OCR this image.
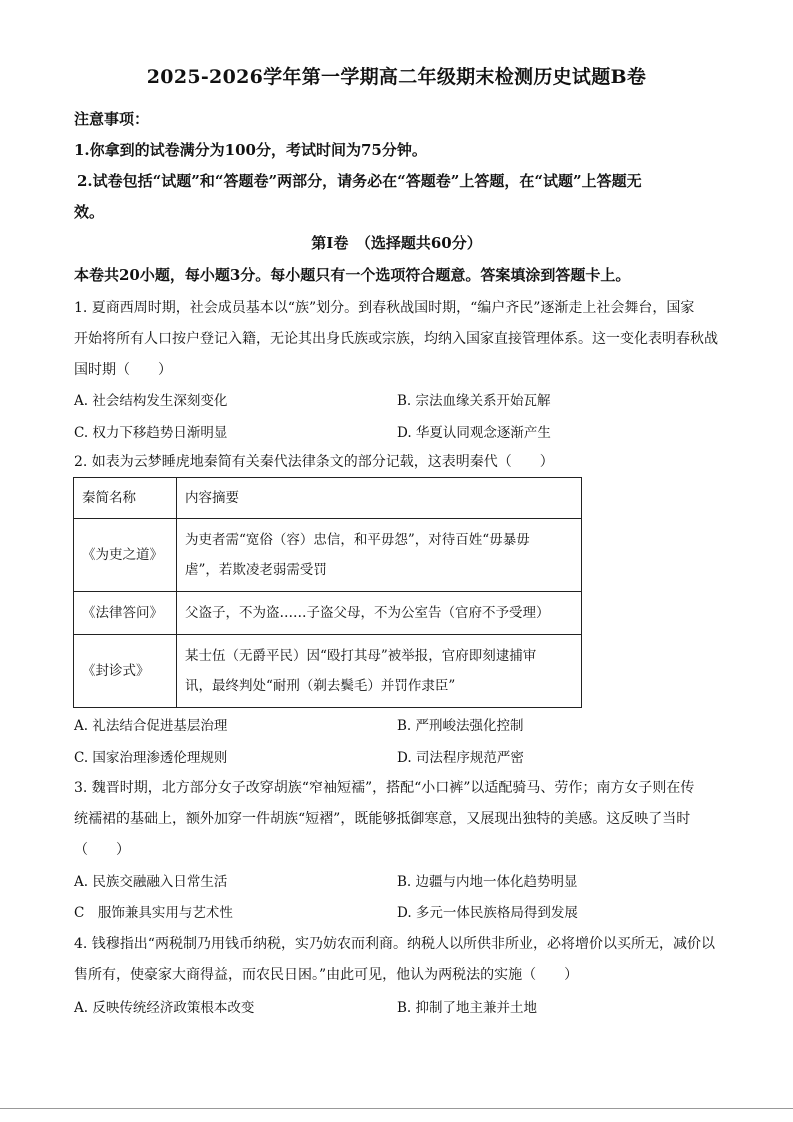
2025-2026学年第一学期高二年级期末检测历史试题B卷
注意事项：
1.你拿到的试卷满分为100分，考试时间为75分钟。
2.试卷包括“试题”和“答题卷”两部分，请务必在“答题卷”上答题，在“试题”上答题无
效。
第Ⅰ卷　（选择题共60分）
本卷共20小题，每小题3分。每小题只有一个选项符合题意。答案填涂到答题卡上。
1. 夏商西周时期，社会成员基本以“族”划分。到春秋战国时期，“编户齐民”逐渐走上社会舞台，国家
开始将所有人口按户登记入籍，无论其出身氏族或宗族，均纳入国家直接管理体系。这一变化表明春秋战
国时期（　　）
A. 社会结构发生深刻变化	B. 宗法血缘关系开始瓦解
C. 权力下移趋势日渐明显	D. 华夏认同观念逐渐产生
2. 如表为云梦睡虎地秦简有关秦代法律条文的部分记载，这表明秦代（　　）
秦简名称	内容摘要
《为吏之道》	为吏者需“宽俗（容）忠信，和平毋怨”，对待百姓“毋暴毋
虐”，若欺凌老弱需受罚

《法律答问》	父盗子，不为盗……子盗父母，不为公室告（官府不予受理）
《封诊式》	某士伍（无爵平民）因“殴打其母”被举报，官府即刻逮捕审
讯，最终判处“耐刑（剃去鬓毛）并罚作隶臣”
A. 礼法结合促进基层治理	B. 严刑峻法强化控制
C. 国家治理渗透伦理规则	D. 司法程序规范严密
3. 魏晋时期，北方部分女子改穿胡族“窄袖短襦”，搭配“小口裤”以适配骑马、劳作；南方女子则在传
统襦裙的基础上，额外加穿一件胡族“短褶”，既能够抵御寒意，又展现出独特的美感。这反映了当时
（　　）
A. 民族交融融入日常生活	B. 边疆与内地一体化趋势明显
C　服饰兼具实用与艺术性	D. 多元一体民族格局得到发展
4. 钱穆指出“两税制乃用钱币纳税，实乃妨农而利商。纳税人以所供非所业，必将增价以买所无，减价以
售所有，使豪家大商得益，而农民日困。”由此可见，他认为两税法的实施（　　）
A. 反映传统经济政策根本改变	B. 抑制了地主兼并土地
